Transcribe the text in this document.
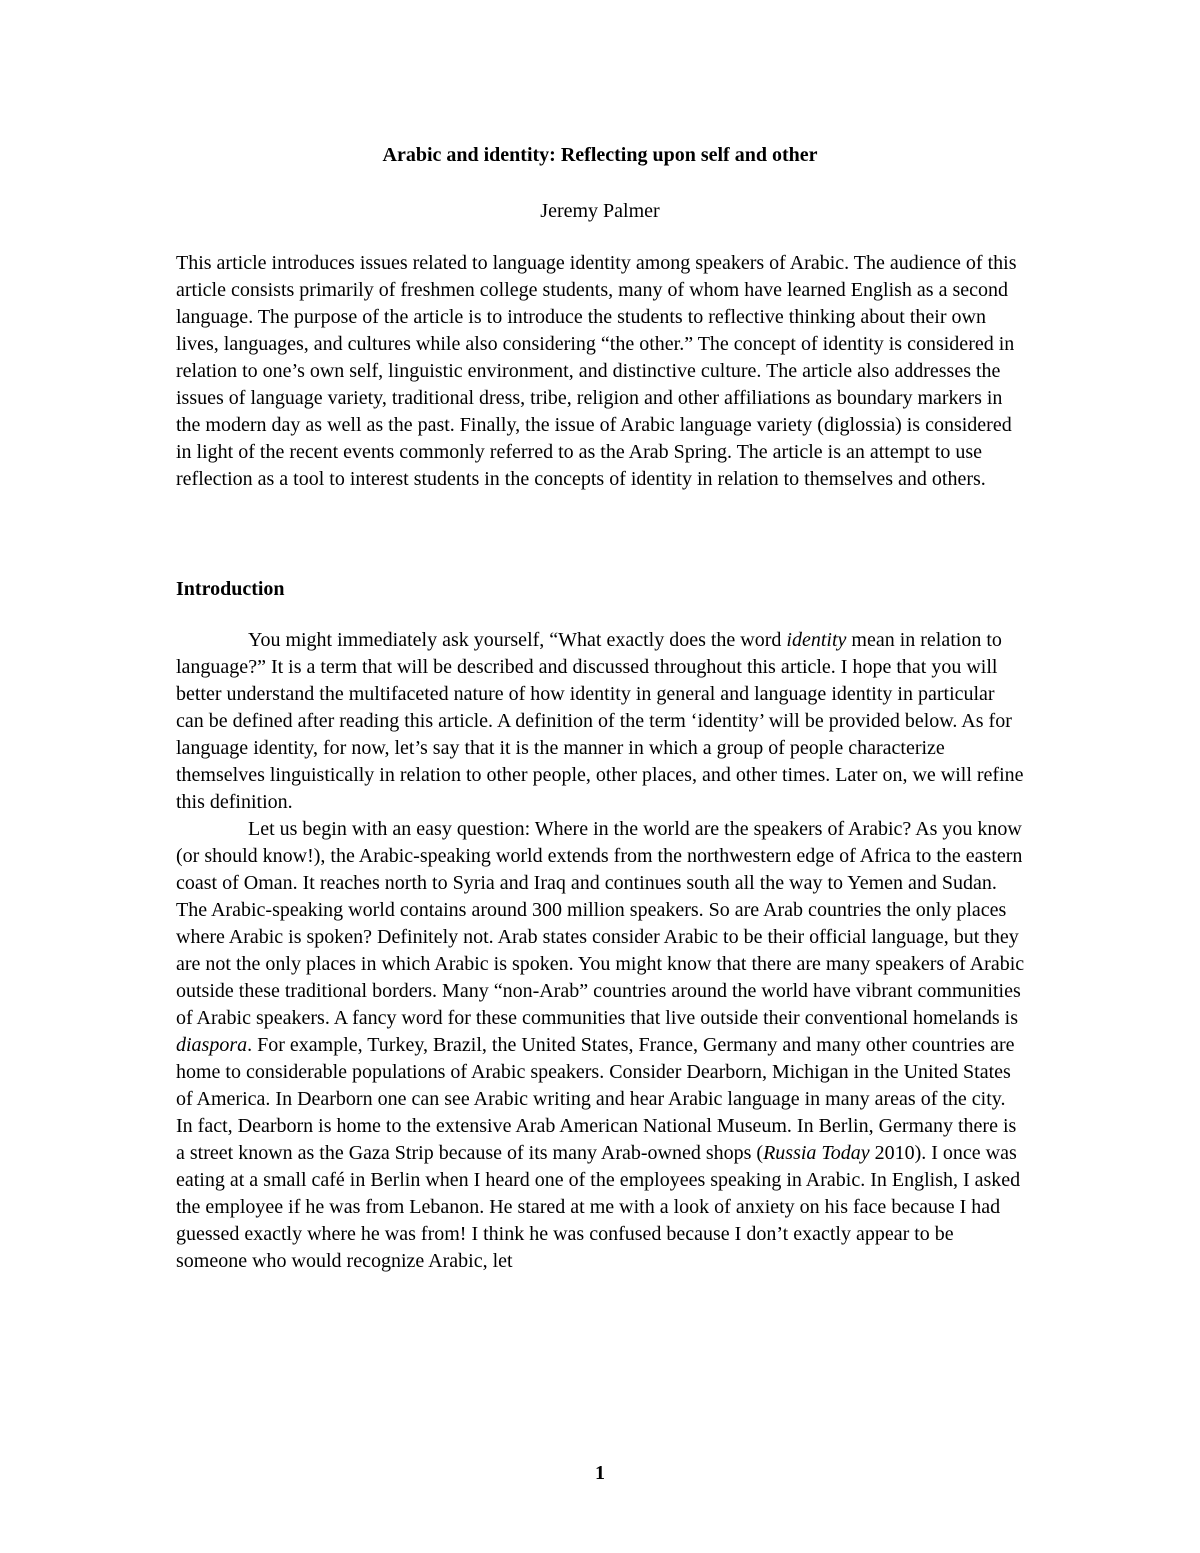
Arabic and identity: Reflecting upon self and other
Jeremy Palmer

This article introduces issues related to language identity among speakers of Arabic. The audience of this article consists primarily of freshmen college students, many of whom have learned English as a second language. The purpose of the article is to introduce the students to reflective thinking about their own lives, languages, and cultures while also considering “the other.” The concept of identity is considered in relation to one’s own self, linguistic environment, and distinctive culture. The article also addresses the issues of language variety, traditional dress, tribe, religion and other affiliations as boundary markers in the modern day as well as the past. Finally, the issue of Arabic language variety (diglossia) is considered in light of the recent events commonly referred to as the Arab Spring. The article is an attempt to use reflection as a tool to interest students in the concepts of identity in relation to themselves and others.

Introduction

You might immediately ask yourself, “What exactly does the word identity mean in relation to language?” It is a term that will be described and discussed throughout this article. I hope that you will better understand the multifaceted nature of how identity in general and language identity in particular can be defined after reading this article. A definition of the term ‘identity’ will be provided below. As for language identity, for now, let’s say that it is the manner in which a group of people characterize themselves linguistically in relation to other people, other places, and other times. Later on, we will refine this definition.

Let us begin with an easy question: Where in the world are the speakers of Arabic? As you know (or should know!), the Arabic-speaking world extends from the northwestern edge of Africa to the eastern coast of Oman. It reaches north to Syria and Iraq and continues south all the way to Yemen and Sudan. The Arabic-speaking world contains around 300 million speakers. So are Arab countries the only places where Arabic is spoken? Definitely not. Arab states consider Arabic to be their official language, but they are not the only places in which Arabic is spoken. You might know that there are many speakers of Arabic outside these traditional borders. Many “non-Arab” countries around the world have vibrant communities of Arabic speakers. A fancy word for these communities that live outside their conventional homelands is diaspora. For example, Turkey, Brazil, the United States, France, Germany and many other countries are home to considerable populations of Arabic speakers. Consider Dearborn, Michigan in the United States of America. In Dearborn one can see Arabic writing and hear Arabic language in many areas of the city. In fact, Dearborn is home to the extensive Arab American National Museum. In Berlin, Germany there is a street known as the Gaza Strip because of its many Arab-owned shops (Russia Today 2010). I once was eating at a small café in Berlin when I heard one of the employees speaking in Arabic. In English, I asked the employee if he was from Lebanon. He stared at me with a look of anxiety on his face because I had guessed exactly where he was from! I think he was confused because I don’t exactly appear to be someone who would recognize Arabic, let

1
